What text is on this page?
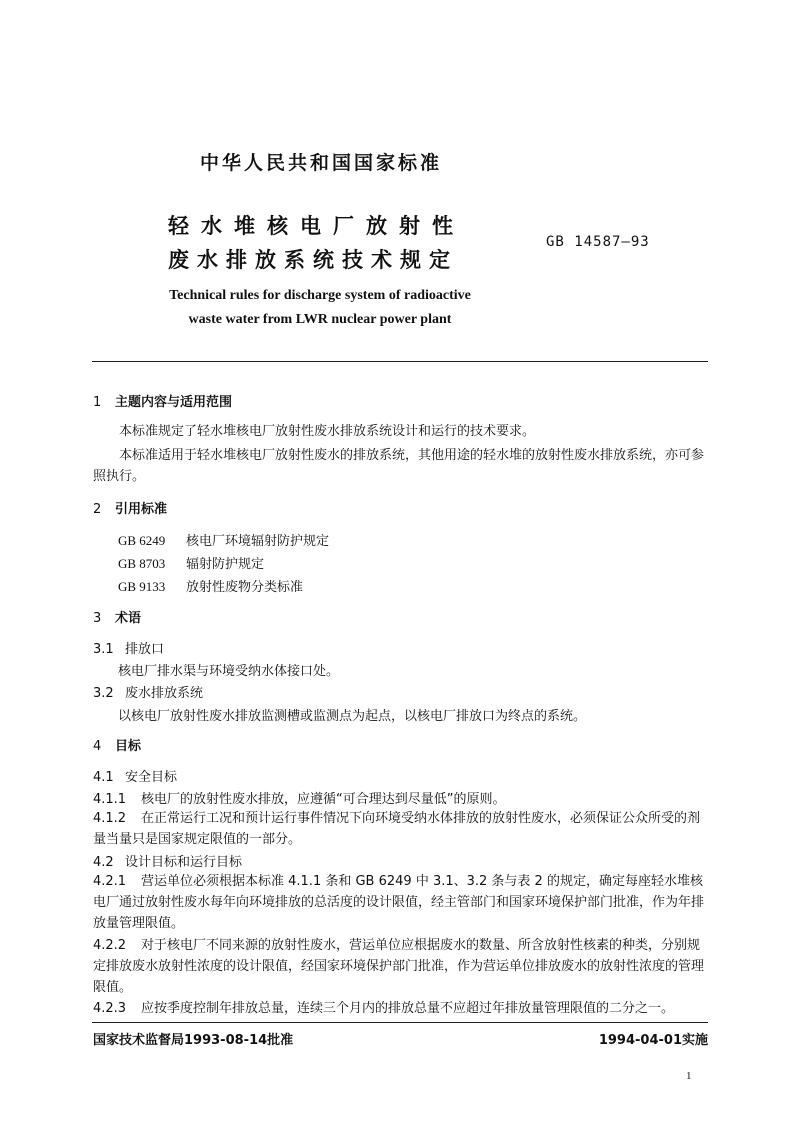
中华人民共和国国家标准
轻水堆核电厂放射性
废水排放系统技术规定
GB 14587—93
Technical rules for discharge system of radioactive
waste water from LWR nuclear power plant
1 主题内容与适用范围
本标准规定了轻水堆核电厂放射性废水排放系统设计和运行的技术要求。
本标准适用于轻水堆核电厂放射性废水的排放系统，其他用途的轻水堆的放射性废水排放系统，亦可参照执行。
2 引用标准
GB 6249 核电厂环境辐射防护规定
GB 8703 辐射防护规定
GB 9133 放射性废物分类标准
3 术语
3.1 排放口
核电厂排水渠与环境受纳水体接口处。
3.2 废水排放系统
以核电厂放射性废水排放监测槽或监测点为起点，以核电厂排放口为终点的系统。
4 目标
4.1 安全目标
4.1.1 核电厂的放射性废水排放，应遵循“可合理达到尽量低”的原则。
4.1.2 在正常运行工况和预计运行事件情况下向环境受纳水体排放的放射性废水，必须保证公众所受的剂量当量只是国家规定限值的一部分。
4.2 设计目标和运行目标
4.2.1 营运单位必须根据本标准 4.1.1 条和 GB 6249 中 3.1、3.2 条与表 2 的规定，确定每座轻水堆核电厂通过放射性废水每年向环境排放的总活度的设计限值，经主管部门和国家环境保护部门批准，作为年排放量管理限值。
4.2.2 对于核电厂不同来源的放射性废水，营运单位应根据废水的数量、所含放射性核素的种类，分别规定排放废水放射性浓度的设计限值，经国家环境保护部门批准，作为营运单位排放废水的放射性浓度的管理限值。
4.2.3 应按季度控制年排放总量，连续三个月内的排放总量不应超过年排放量管理限值的二分之一。
国家技术监督局1993-08-14批准	1994-04-01实施
1
